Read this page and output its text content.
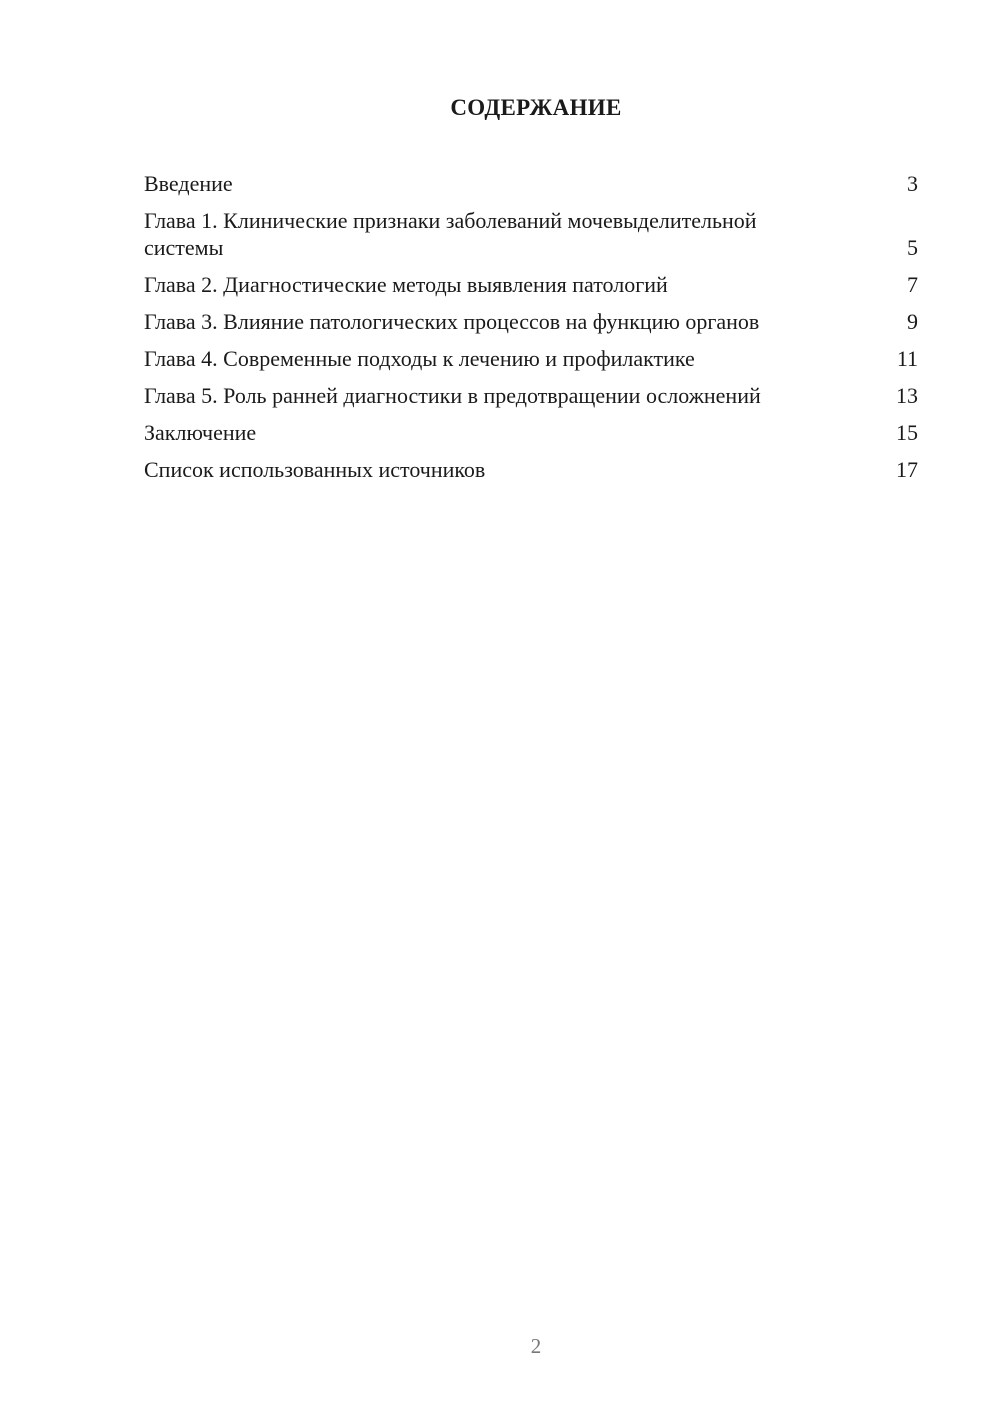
СОДЕРЖАНИЕ
Введение	3
Глава 1. Клинические признаки заболеваний мочевыделительной системы	5
Глава 2. Диагностические методы выявления патологий	7
Глава 3. Влияние патологических процессов на функцию органов	9
Глава 4. Современные подходы к лечению и профилактике	11
Глава 5. Роль ранней диагностики в предотвращении осложнений	13
Заключение	15
Список использованных источников	17
2
